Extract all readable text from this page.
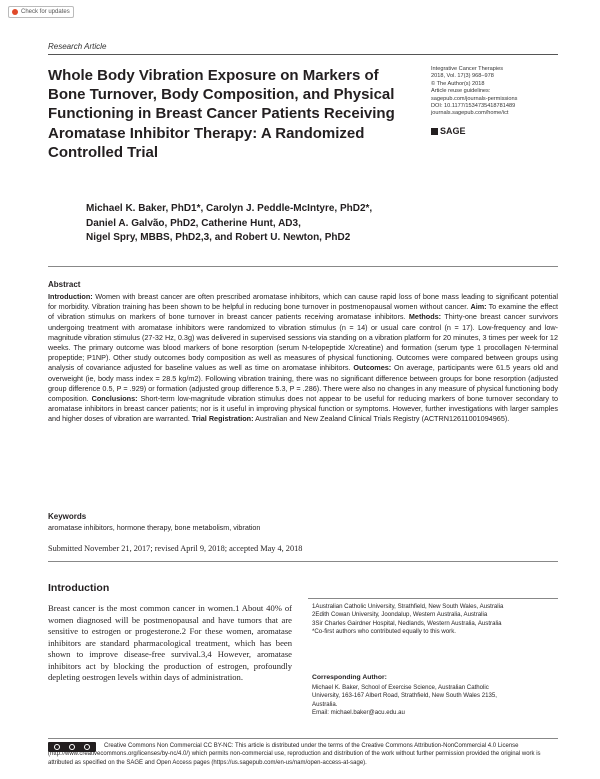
Check for updates
Research Article
Whole Body Vibration Exposure on Markers of Bone Turnover, Body Composition, and Physical Functioning in Breast Cancer Patients Receiving Aromatase Inhibitor Therapy: A Randomized Controlled Trial
Integrative Cancer Therapies
2018, Vol. 17(3) 968–978
© The Author(s) 2018
Article reuse guidelines:
sagepub.com/journals-permissions
DOI: 10.1177/1534735418781489
journals.sagepub.com/home/ict
SAGE
Michael K. Baker, PhD1*, Carolyn J. Peddle-McIntyre, PhD2*,
Daniel A. Galvão, PhD2, Catherine Hunt, AD3,
Nigel Spry, MBBS, PhD2,3, and Robert U. Newton, PhD2
Abstract

Introduction: Women with breast cancer are often prescribed aromatase inhibitors, which can cause rapid loss of bone mass leading to significant potential for morbidity. Vibration training has been shown to be helpful in reducing bone turnover in postmenopausal women without cancer. Aim: To examine the effect of vibration stimulus on markers of bone turnover in breast cancer patients receiving aromatase inhibitors. Methods: Thirty-one breast cancer survivors undergoing treatment with aromatase inhibitors were randomized to vibration stimulus (n = 14) or usual care control (n = 17). Low-frequency and low-magnitude vibration stimulus (27-32 Hz, 0.3g) was delivered in supervised sessions via standing on a vibration platform for 20 minutes, 3 times per week for 12 weeks. The primary outcome was blood markers of bone resorption (serum N-telopeptide X/creatine) and formation (serum type 1 procollagen N-terminal propeptide; P1NP). Other study outcomes body composition as well as measures of physical functioning. Outcomes were compared between groups using analysis of covariance adjusted for baseline values as well as time on aromatase inhibitors. Outcomes: On average, participants were 61.5 years old and overweight (ie, body mass index = 28.5 kg/m2). Following vibration training, there was no significant difference between groups for bone resorption (adjusted group difference 0.5, P = .929) or formation (adjusted group difference 5.3, P = .286). There were also no changes in any measure of physical functioning body composition. Conclusions: Short-term low-magnitude vibration stimulus does not appear to be useful for reducing markers of bone turnover secondary to aromatase inhibitors in breast cancer patients; nor is it useful in improving physical function or symptoms. However, further investigations with larger samples and higher doses of vibration are warranted. Trial Registration: Australian and New Zealand Clinical Trials Registry (ACTRN12611001094965).

Keywords
aromatase inhibitors, hormone therapy, bone metabolism, vibration
Submitted November 21, 2017; revised April 9, 2018; accepted May 4, 2018
Introduction
Breast cancer is the most common cancer in women.1 About 40% of women diagnosed will be postmenopausal and have tumors that are sensitive to estrogen or progesterone.2 For these women, aromatase inhibitors are standard pharmacological treatment, which has been shown to improve disease-free survival.3,4 However, aromatase inhibitors act by blocking the production of estrogen, profoundly depleting oestrogen levels within days of administration.
1Australian Catholic University, Strathfield, New South Wales, Australia
2Edith Cowan University, Joondalup, Western Australia, Australia
3Sir Charles Gairdner Hospital, Nedlands, Western Australia, Australia
*Co-first authors who contributed equally to this work.
Corresponding Author:
Michael K. Baker, School of Exercise Science, Australian Catholic
University, 163-167 Albert Road, Strathfield, New South Wales 2135,
Australia.
Email: michael.baker@acu.edu.au
Creative Commons Non Commercial CC BY-NC: This article is distributed under the terms of the Creative Commons Attribution-NonCommercial 4.0 License (http://www.creativecommons.org/licenses/by-nc/4.0/) which permits non-commercial use, reproduction and distribution of the work without further permission provided the original work is attributed as specified on the SAGE and Open Access pages (https://us.sagepub.com/en-us/nam/open-access-at-sage).
